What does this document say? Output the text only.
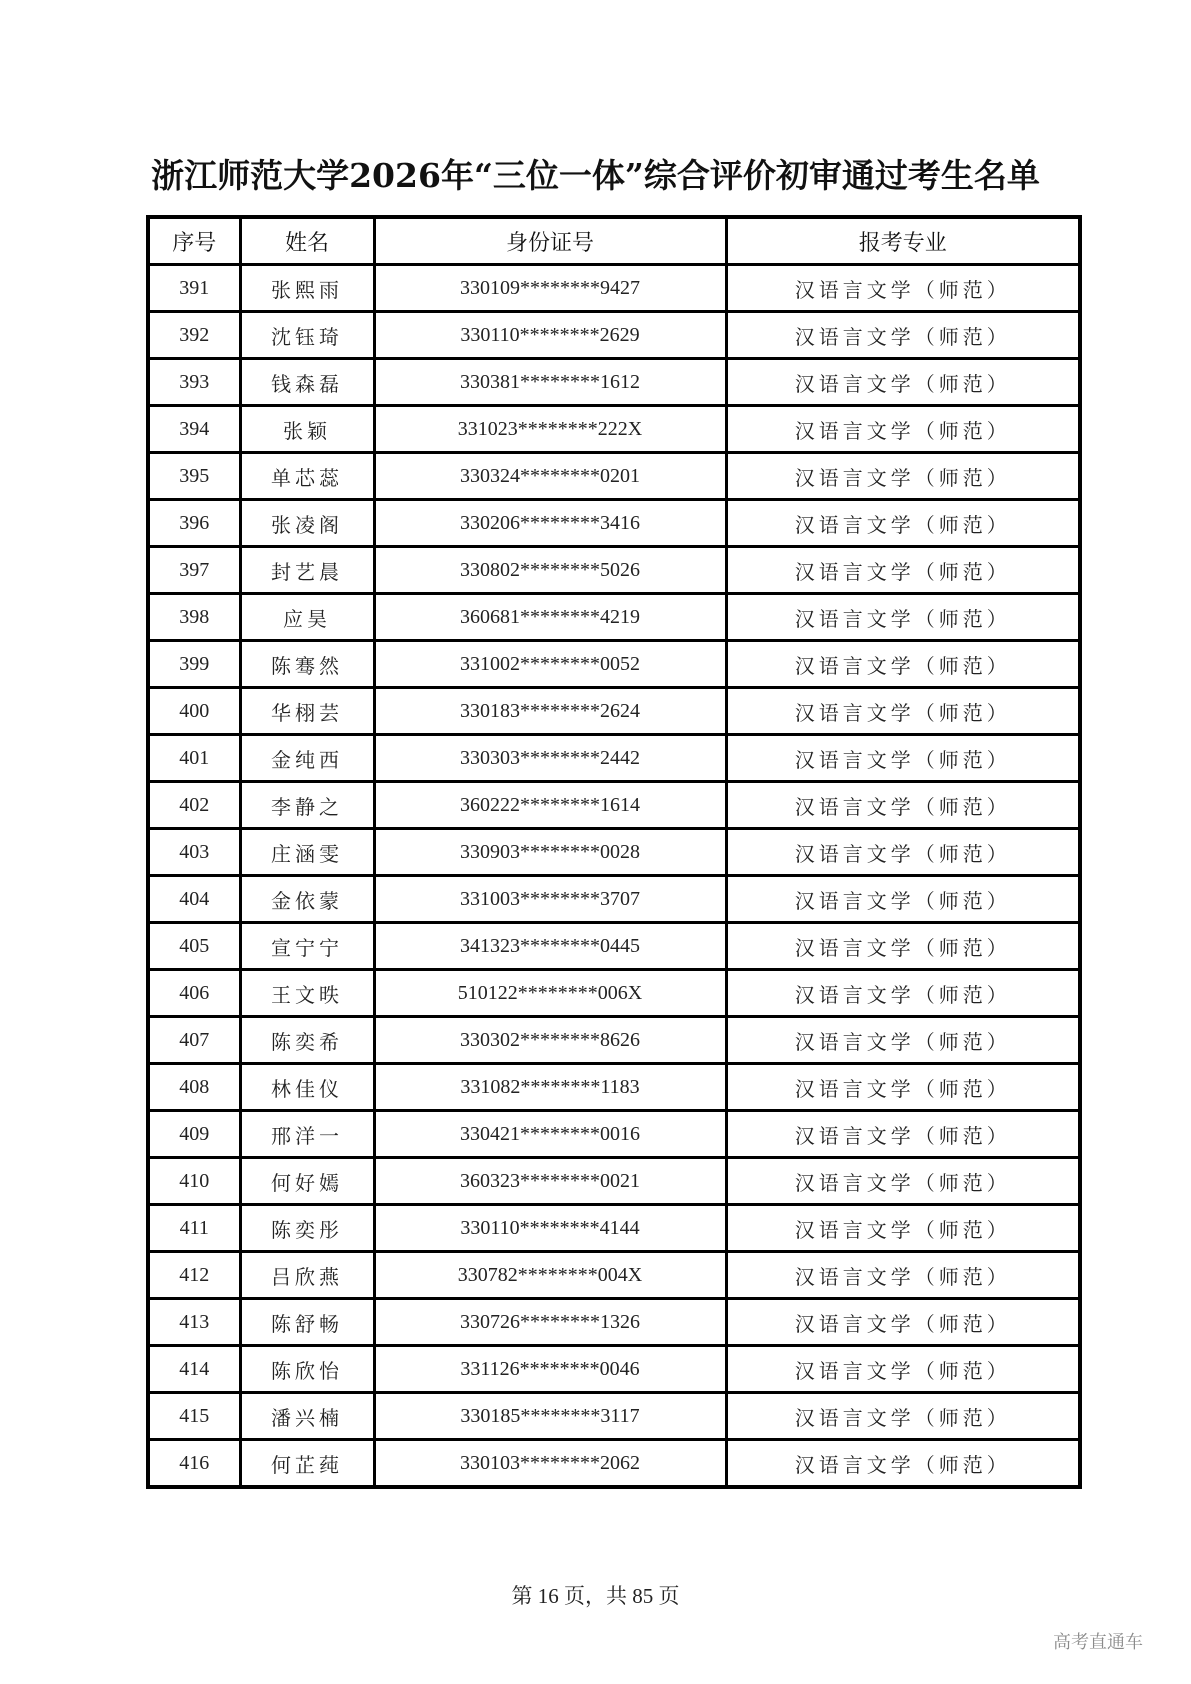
浙江师范大学2026年“三位一体”综合评价初审通过考生名单
序号	姓名	身份证号	报考专业
391	张熙雨	330109********9427	汉语言文学（师范）
392	沈钰琦	330110********2629	汉语言文学（师范）
393	钱森磊	330381********1612	汉语言文学（师范）
394	张颖	331023********222X	汉语言文学（师范）
395	单芯蕊	330324********0201	汉语言文学（师范）
396	张凌阁	330206********3416	汉语言文学（师范）
397	封艺晨	330802********5026	汉语言文学（师范）
398	应昊	360681********4219	汉语言文学（师范）
399	陈骞然	331002********0052	汉语言文学（师范）
400	华栩芸	330183********2624	汉语言文学（师范）
401	金纯西	330303********2442	汉语言文学（师范）
402	李静之	360222********1614	汉语言文学（师范）
403	庄涵雯	330903********0028	汉语言文学（师范）
404	金依蒙	331003********3707	汉语言文学（师范）
405	宣宁宁	341323********0445	汉语言文学（师范）
406	王文昳	510122********006X	汉语言文学（师范）
407	陈奕希	330302********8626	汉语言文学（师范）
408	林佳仪	331082********1183	汉语言文学（师范）
409	邢洋一	330421********0016	汉语言文学（师范）
410	何好嫣	360323********0021	汉语言文学（师范）
411	陈奕彤	330110********4144	汉语言文学（师范）
412	吕欣燕	330782********004X	汉语言文学（师范）
413	陈舒畅	330726********1326	汉语言文学（师范）
414	陈欣怡	331126********0046	汉语言文学（师范）
415	潘兴楠	330185********3117	汉语言文学（师范）
416	何芷莼	330103********2062	汉语言文学（师范）
第 16 页，共 85 页
高考直通车
